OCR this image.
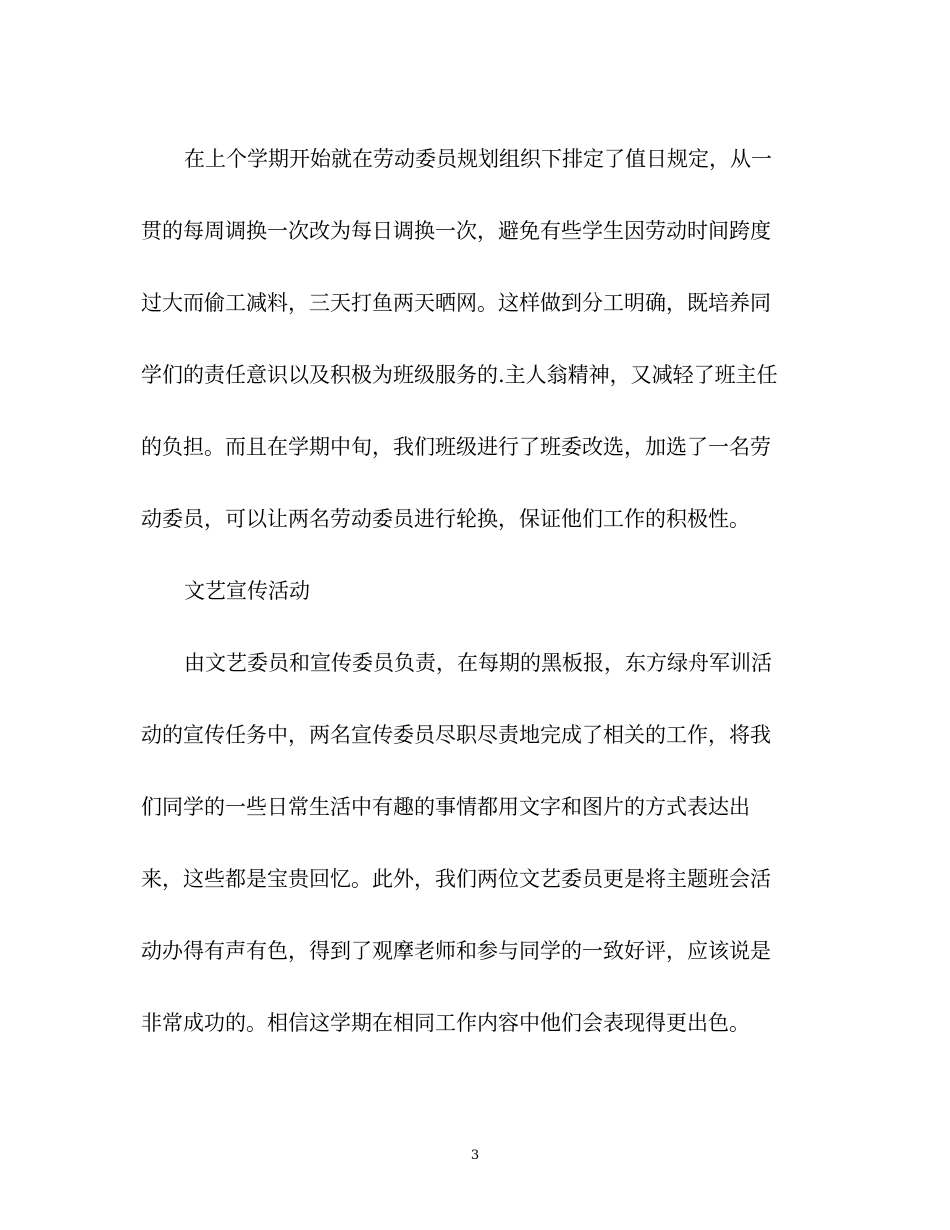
在上个学期开始就在劳动委员规划组织下排定了值日规定，从一
贯的每周调换一次改为每日调换一次，避免有些学生因劳动时间跨度
过大而偷工减料，三天打鱼两天晒网。这样做到分工明确，既培养同
学们的责任意识以及积极为班级服务的.主人翁精神，又减轻了班主任
的负担。而且在学期中旬，我们班级进行了班委改选，加选了一名劳
动委员，可以让两名劳动委员进行轮换，保证他们工作的积极性。
文艺宣传活动
由文艺委员和宣传委员负责，在每期的黑板报，东方绿舟军训活
动的宣传任务中，两名宣传委员尽职尽责地完成了相关的工作，将我
们同学的一些日常生活中有趣的事情都用文字和图片的方式表达出
来，这些都是宝贵回忆。此外，我们两位文艺委员更是将主题班会活
动办得有声有色，得到了观摩老师和参与同学的一致好评，应该说是
非常成功的。相信这学期在相同工作内容中他们会表现得更出色。
3
